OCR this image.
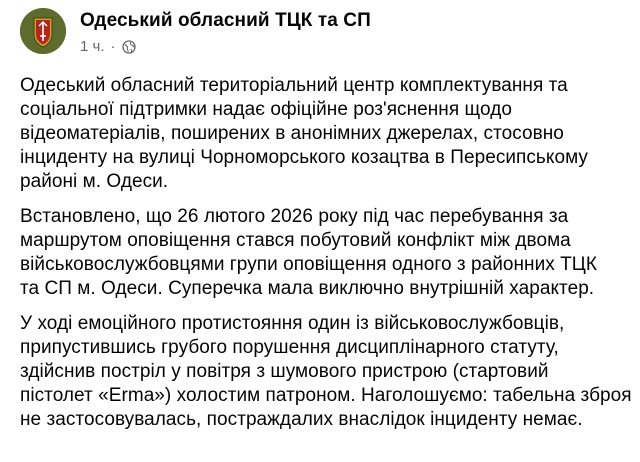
Одеський обласний ТЦК та СП
1 ч. ·

Одеський обласний територіальний центр комплектування та
соціальної підтримки надає офіційне роз'яснення щодо
відеоматеріалів, поширених в анонімних джерелах, стосовно
інциденту на вулиці Чорноморського козацтва в Пересипському
районі м. Одеси.

Встановлено, що 26 лютого 2026 року під час перебування за
маршрутом оповіщення стався побутовий конфлікт між двома
військовослужбовцями групи оповіщення одного з районних ТЦК
та СП м. Одеси. Суперечка мала виключно внутрішній характер.

У ході емоційного протистояння один із військовослужбовців,
припустившись грубого порушення дисциплінарного статуту,
здійснив постріл у повітря з шумового пристрою (стартовий
пістолет «Erma») холостим патроном. Наголошуємо: табельна зброя
не застосовувалась, постраждалих внаслідок інциденту немає.
